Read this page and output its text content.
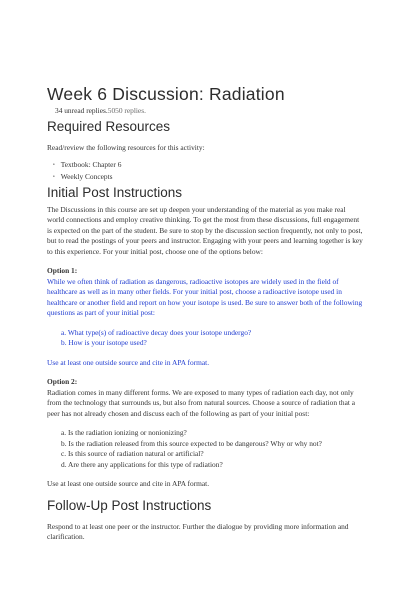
Week 6 Discussion: Radiation
34 unread replies.5050 replies.
Required Resources

Read/review the following resources for this activity:

• Textbook: Chapter 6
• Weekly Concepts
Initial Post Instructions

The Discussions in this course are set up deepen your understanding of the material as you make real world connections and employ creative thinking. To get the most from these discussions, full engagement is expected on the part of the student. Be sure to stop by the discussion section frequently, not only to post, but to read the postings of your peers and instructor. Engaging with your peers and learning together is key to this experience. For your initial post, choose one of the options below:

Option 1:

While we often think of radiation as dangerous, radioactive isotopes are widely used in the field of healthcare as well as in many other fields. For your initial post, choose a radioactive isotope used in healthcare or another field and report on how your isotope is used. Be sure to answer both of the following questions as part of your initial post:

a. What type(s) of radioactive decay does your isotope undergo?
b. How is your isotope used?

Use at least one outside source and cite in APA format.

Option 2:

Radiation comes in many different forms. We are exposed to many types of radiation each day, not only from the technology that surrounds us, but also from natural sources. Choose a source of radiation that a peer has not already chosen and discuss each of the following as part of your initial post:

a. Is the radiation ionizing or nonionizing?
b. Is the radiation released from this source expected to be dangerous? Why or why not?
c. Is this source of radiation natural or artificial?
d. Are there any applications for this type of radiation?

Use at least one outside source and cite in APA format.

Follow-Up Post Instructions

Respond to at least one peer or the instructor. Further the dialogue by providing more information and clarification.
